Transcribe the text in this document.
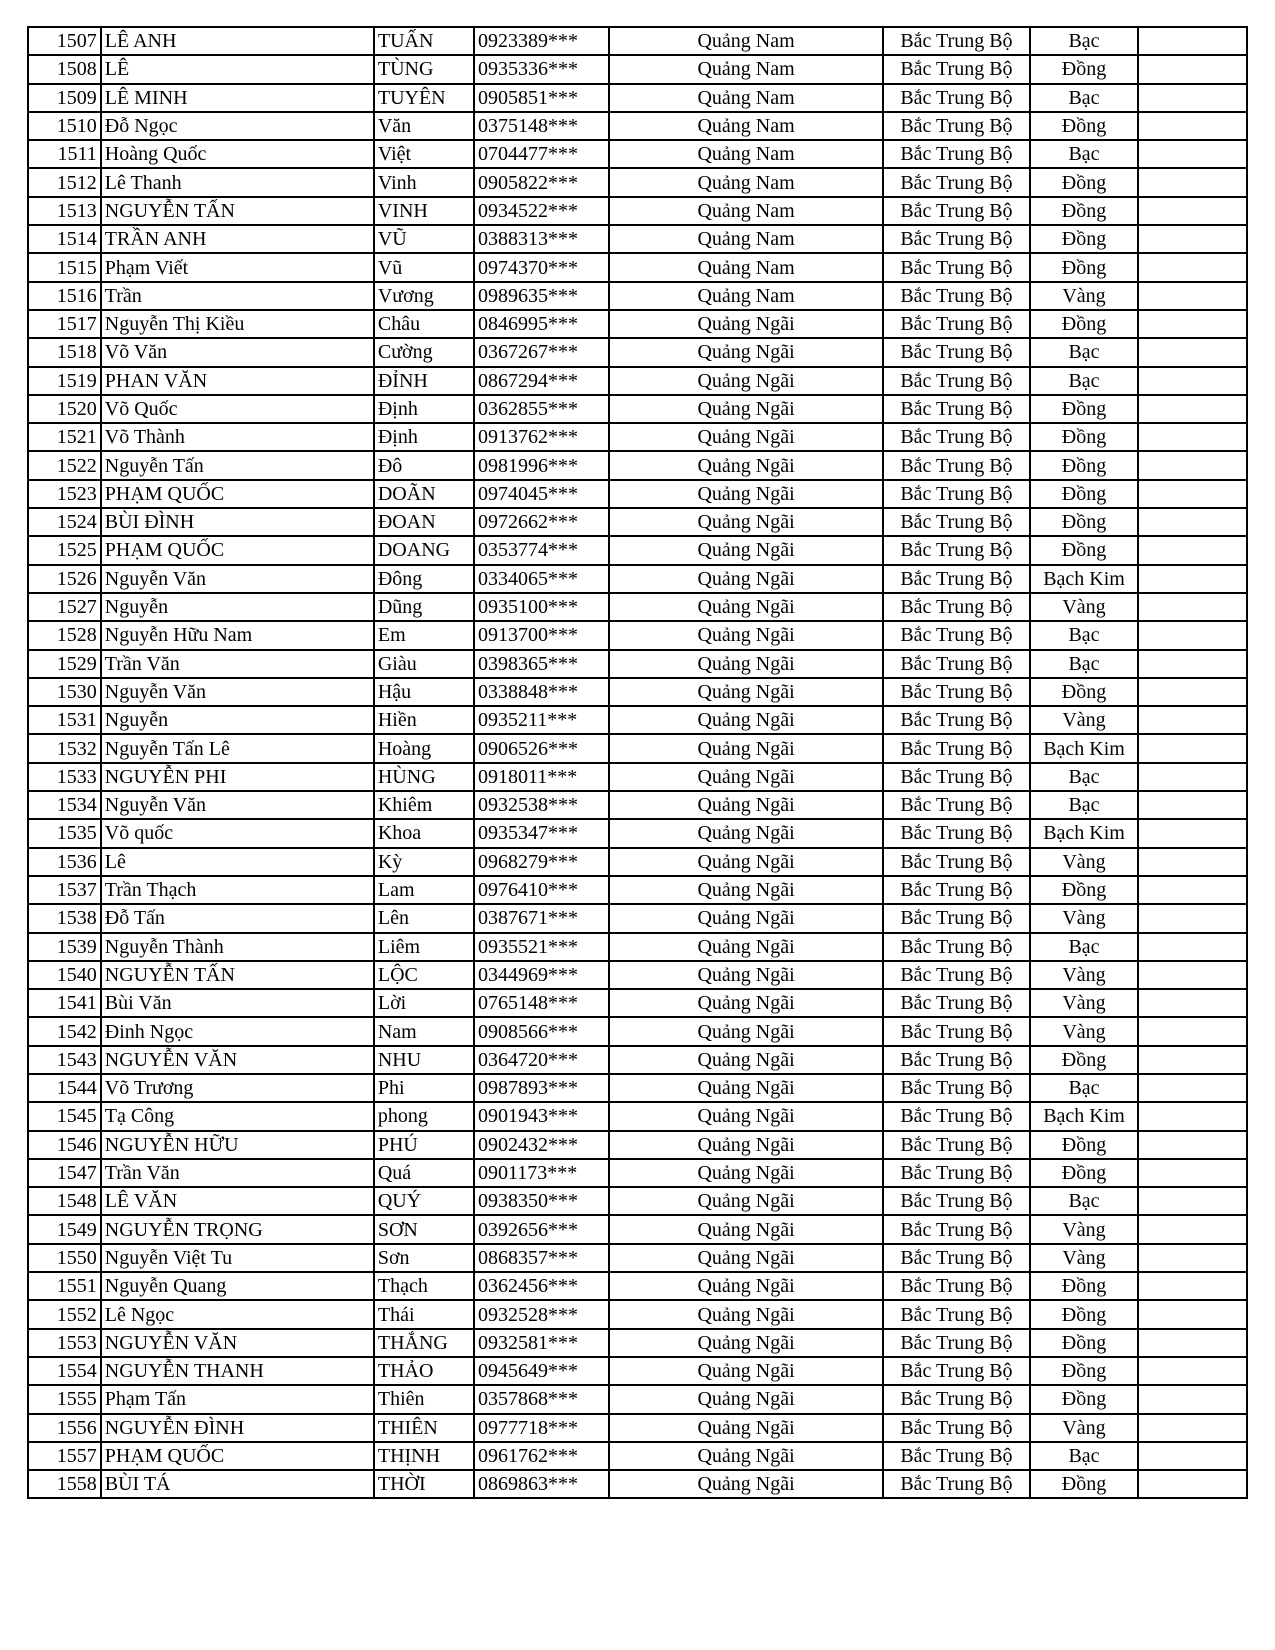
1507	LÊ ANH	TUẤN	0923389***	Quảng Nam	Bắc Trung Bộ	Bạc	
1508	LÊ	TÙNG	0935336***	Quảng Nam	Bắc Trung Bộ	Đồng	
1509	LÊ MINH	TUYÊN	0905851***	Quảng Nam	Bắc Trung Bộ	Bạc	
1510	Đỗ Ngọc	Văn	0375148***	Quảng Nam	Bắc Trung Bộ	Đồng	
1511	Hoàng Quốc	Việt	0704477***	Quảng Nam	Bắc Trung Bộ	Bạc	
1512	Lê Thanh	Vinh	0905822***	Quảng Nam	Bắc Trung Bộ	Đồng	
1513	NGUYỄN TẤN	VINH	0934522***	Quảng Nam	Bắc Trung Bộ	Đồng	
1514	TRẦN ANH	VŨ	0388313***	Quảng Nam	Bắc Trung Bộ	Đồng	
1515	Phạm Viết	Vũ	0974370***	Quảng Nam	Bắc Trung Bộ	Đồng	
1516	Trần	Vương	0989635***	Quảng Nam	Bắc Trung Bộ	Vàng	
1517	Nguyễn Thị Kiều	Châu	0846995***	Quảng Ngãi	Bắc Trung Bộ	Đồng	
1518	Võ Văn	Cường	0367267***	Quảng Ngãi	Bắc Trung Bộ	Bạc	
1519	PHAN VĂN	ĐỈNH	0867294***	Quảng Ngãi	Bắc Trung Bộ	Bạc	
1520	Võ Quốc	Định	0362855***	Quảng Ngãi	Bắc Trung Bộ	Đồng	
1521	Võ Thành	Định	0913762***	Quảng Ngãi	Bắc Trung Bộ	Đồng	
1522	Nguyễn Tấn	Đô	0981996***	Quảng Ngãi	Bắc Trung Bộ	Đồng	
1523	PHẠM QUỐC	DOÃN	0974045***	Quảng Ngãi	Bắc Trung Bộ	Đồng	
1524	BÙI ĐÌNH	ĐOAN	0972662***	Quảng Ngãi	Bắc Trung Bộ	Đồng	
1525	PHẠM QUỐC	DOANG	0353774***	Quảng Ngãi	Bắc Trung Bộ	Đồng	
1526	Nguyễn Văn	Đông	0334065***	Quảng Ngãi	Bắc Trung Bộ	Bạch Kim	
1527	Nguyễn	Dũng	0935100***	Quảng Ngãi	Bắc Trung Bộ	Vàng	
1528	Nguyễn Hữu Nam	Em	0913700***	Quảng Ngãi	Bắc Trung Bộ	Bạc	
1529	Trần Văn	Giàu	0398365***	Quảng Ngãi	Bắc Trung Bộ	Bạc	
1530	Nguyễn Văn	Hậu	0338848***	Quảng Ngãi	Bắc Trung Bộ	Đồng	
1531	Nguyễn	Hiền	0935211***	Quảng Ngãi	Bắc Trung Bộ	Vàng	
1532	Nguyễn Tấn Lê	Hoàng	0906526***	Quảng Ngãi	Bắc Trung Bộ	Bạch Kim	
1533	NGUYỄN PHI	HÙNG	0918011***	Quảng Ngãi	Bắc Trung Bộ	Bạc	
1534	Nguyễn Văn	Khiêm	0932538***	Quảng Ngãi	Bắc Trung Bộ	Bạc	
1535	Võ quốc	Khoa	0935347***	Quảng Ngãi	Bắc Trung Bộ	Bạch Kim	
1536	Lê	Kỳ	0968279***	Quảng Ngãi	Bắc Trung Bộ	Vàng	
1537	Trần Thạch	Lam	0976410***	Quảng Ngãi	Bắc Trung Bộ	Đồng	
1538	Đỗ Tấn	Lên	0387671***	Quảng Ngãi	Bắc Trung Bộ	Vàng	
1539	Nguyễn Thành	Liêm	0935521***	Quảng Ngãi	Bắc Trung Bộ	Bạc	
1540	NGUYỄN TẤN	LỘC	0344969***	Quảng Ngãi	Bắc Trung Bộ	Vàng	
1541	Bùi Văn	Lời	0765148***	Quảng Ngãi	Bắc Trung Bộ	Vàng	
1542	Đinh Ngọc	Nam	0908566***	Quảng Ngãi	Bắc Trung Bộ	Vàng	
1543	NGUYỄN VĂN	NHU	0364720***	Quảng Ngãi	Bắc Trung Bộ	Đồng	
1544	Võ Trương	Phi	0987893***	Quảng Ngãi	Bắc Trung Bộ	Bạc	
1545	Tạ Công	phong	0901943***	Quảng Ngãi	Bắc Trung Bộ	Bạch Kim	
1546	NGUYỄN HỮU	PHÚ	0902432***	Quảng Ngãi	Bắc Trung Bộ	Đồng	
1547	Trần Văn	Quá	0901173***	Quảng Ngãi	Bắc Trung Bộ	Đồng	
1548	LÊ VĂN	QUÝ	0938350***	Quảng Ngãi	Bắc Trung Bộ	Bạc	
1549	NGUYỄN TRỌNG	SƠN	0392656***	Quảng Ngãi	Bắc Trung Bộ	Vàng	
1550	Nguyễn Việt Tu	Sơn	0868357***	Quảng Ngãi	Bắc Trung Bộ	Vàng	
1551	Nguyễn Quang	Thạch	0362456***	Quảng Ngãi	Bắc Trung Bộ	Đồng	
1552	Lê Ngọc	Thái	0932528***	Quảng Ngãi	Bắc Trung Bộ	Đồng	
1553	NGUYỄN VĂN	THẮNG	0932581***	Quảng Ngãi	Bắc Trung Bộ	Đồng	
1554	NGUYỄN THANH	THẢO	0945649***	Quảng Ngãi	Bắc Trung Bộ	Đồng	
1555	Phạm Tấn	Thiên	0357868***	Quảng Ngãi	Bắc Trung Bộ	Đồng	
1556	NGUYỄN ĐÌNH	THIÊN	0977718***	Quảng Ngãi	Bắc Trung Bộ	Vàng	
1557	PHẠM QUỐC	THỊNH	0961762***	Quảng Ngãi	Bắc Trung Bộ	Bạc	
1558	BÙI TÁ	THỜI	0869863***	Quảng Ngãi	Bắc Trung Bộ	Đồng	
